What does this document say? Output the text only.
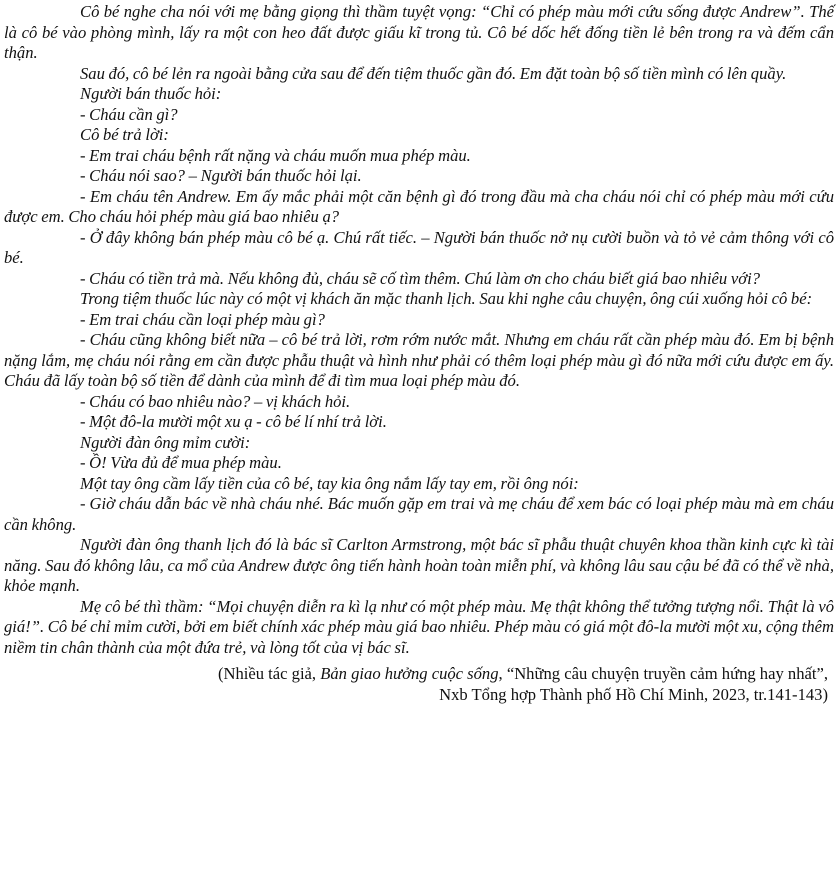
Cô bé nghe cha nói với mẹ bằng giọng thì thầm tuyệt vọng: “Chỉ có phép màu mới cứu sống được Andrew”. Thế là cô bé vào phòng mình, lấy ra một con heo đất được giấu kĩ trong tủ. Cô bé dốc hết đống tiền lẻ bên trong ra và đếm cẩn thận.

Sau đó, cô bé lẻn ra ngoài bằng cửa sau để đến tiệm thuốc gần đó. Em đặt toàn bộ số tiền mình có lên quầy.

Người bán thuốc hỏi:

- Cháu cần gì?

Cô bé trả lời:

- Em trai cháu bệnh rất nặng và cháu muốn mua phép màu.

- Cháu nói sao? – Người bán thuốc hỏi lại.

- Em cháu tên Andrew. Em ấy mắc phải một căn bệnh gì đó trong đầu mà cha cháu nói chỉ có phép màu mới cứu được em. Cho cháu hỏi phép màu giá bao nhiêu ạ?

- Ở đây không bán phép màu cô bé ạ. Chú rất tiếc. – Người bán thuốc nở nụ cười buồn và tỏ vẻ cảm thông với cô bé.

- Cháu có tiền trả mà. Nếu không đủ, cháu sẽ cố tìm thêm. Chú làm ơn cho cháu biết giá bao nhiêu với?

Trong tiệm thuốc lúc này có một vị khách ăn mặc thanh lịch. Sau khi nghe câu chuyện, ông cúi xuống hỏi cô bé:

- Em trai cháu cần loại phép màu gì?

- Cháu cũng không biết nữa – cô bé trả lời, rơm rớm nước mắt. Nhưng em cháu rất cần phép màu đó. Em bị bệnh nặng lắm, mẹ cháu nói rằng em cần được phẫu thuật và hình như phải có thêm loại phép màu gì đó nữa mới cứu được em ấy. Cháu đã lấy toàn bộ số tiền để dành của mình để đi tìm mua loại phép màu đó.

- Cháu có bao nhiêu nào? – vị khách hỏi.

- Một đô-la mười một xu ạ - cô bé lí nhí trả lời.

Người đàn ông mỉm cười:

- Ồ! Vừa đủ để mua phép màu.

Một tay ông cầm lấy tiền của cô bé, tay kia ông nắm lấy tay em, rồi ông nói:

- Giờ cháu dẫn bác về nhà cháu nhé. Bác muốn gặp em trai và mẹ cháu để xem bác có loại phép màu mà em cháu cần không.

Người đàn ông thanh lịch đó là bác sĩ Carlton Armstrong, một bác sĩ phẫu thuật chuyên khoa thần kinh cực kì tài năng. Sau đó không lâu, ca mổ của Andrew được ông tiến hành hoàn toàn miễn phí, và không lâu sau cậu bé đã có thể về nhà, khỏe mạnh.

Mẹ cô bé thì thầm: “Mọi chuyện diễn ra kì lạ như có một phép màu. Mẹ thật không thể tưởng tượng nổi. Thật là vô giá!”. Cô bé chỉ mỉm cười, bởi em biết chính xác phép màu giá bao nhiêu. Phép màu có giá một đô-la mười một xu, cộng thêm niềm tin chân thành của một đứa trẻ, và lòng tốt của vị bác sĩ.

(Nhiều tác giả, Bản giao hưởng cuộc sống, “Những câu chuyện truyền cảm hứng hay nhất”,
Nxb Tổng hợp Thành phố Hồ Chí Minh, 2023, tr.141-143)
